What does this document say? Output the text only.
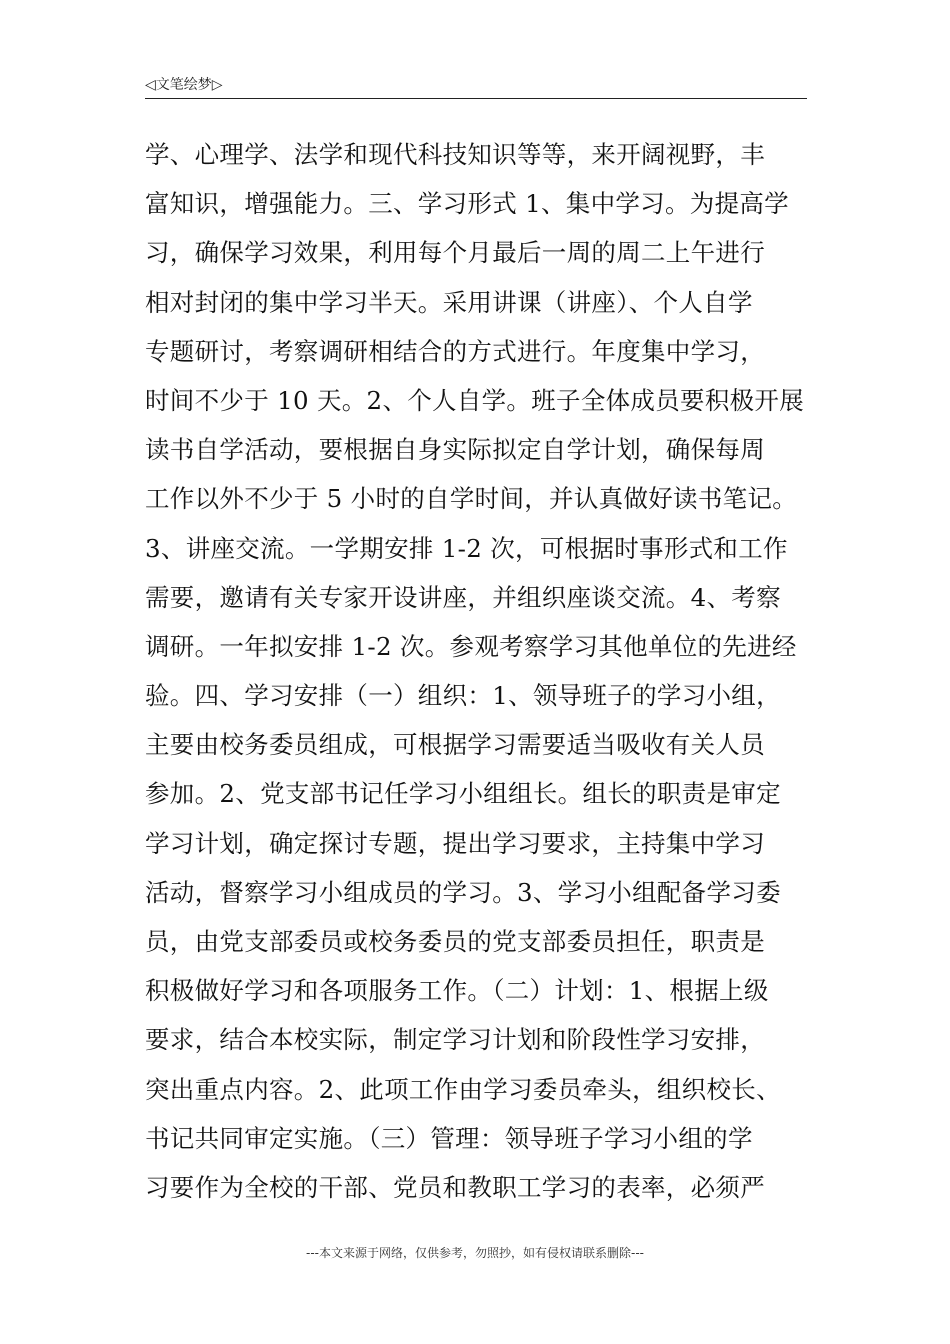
◁文笔绘梦▷
学、心理学、法学和现代科技知识等等，来开阔视野，丰
富知识，增强能力。三、学习形式 1、集中学习。为提高学
习，确保学习效果，利用每个月最后一周的周二上午进行
相对封闭的集中学习半天。采用讲课（讲座）、个人自学
专题研讨，考察调研相结合的方式进行。年度集中学习，
时间不少于 10 天。2、个人自学。班子全体成员要积极开展
读书自学活动，要根据自身实际拟定自学计划，确保每周
工作以外不少于 5 小时的自学时间，并认真做好读书笔记。
3、讲座交流。一学期安排 1-2 次，可根据时事形式和工作
需要，邀请有关专家开设讲座，并组织座谈交流。4、考察
调研。一年拟安排 1-2 次。参观考察学习其他单位的先进经
验。四、学习安排（一）组织：1、领导班子的学习小组，
主要由校务委员组成，可根据学习需要适当吸收有关人员
参加。2、党支部书记任学习小组组长。组长的职责是审定
学习计划，确定探讨专题，提出学习要求，主持集中学习
活动，督察学习小组成员的学习。3、学习小组配备学习委
员，由党支部委员或校务委员的党支部委员担任，职责是
积极做好学习和各项服务工作。（二）计划：1、根据上级
要求，结合本校实际，制定学习计划和阶段性学习安排，
突出重点内容。2、此项工作由学习委员牵头，组织校长、
书记共同审定实施。（三）管理：领导班子学习小组的学
习要作为全校的干部、党员和教职工学习的表率，必须严
---本文来源于网络，仅供参考，勿照抄，如有侵权请联系删除---
